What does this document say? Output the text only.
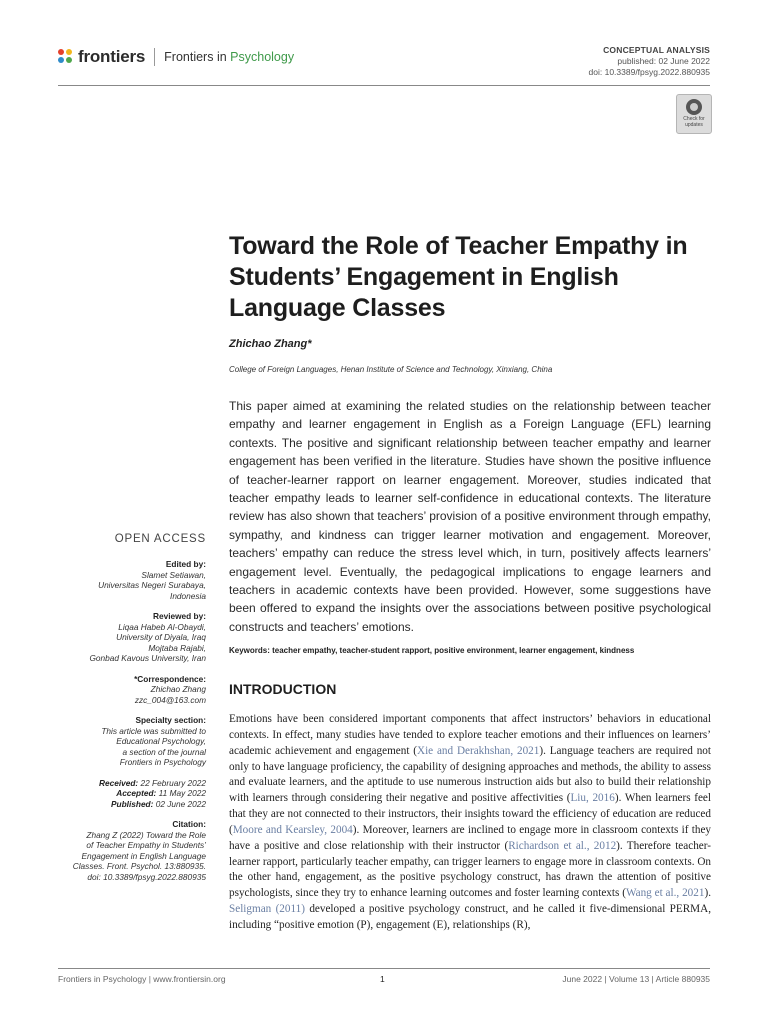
frontiers Frontiers in Psychology	CONCEPTUAL ANALYSIS
published: 02 June 2022
doi: 10.3389/fpsyg.2022.880935
Check for
updates
Toward the Role of Teacher Empathy in Students’ Engagement in English Language Classes
Zhichao Zhang*
College of Foreign Languages, Henan Institute of Science and Technology, Xinxiang, China

This paper aimed at examining the related studies on the relationship between teacher empathy and learner engagement in English as a Foreign Language (EFL) learning contexts. The positive and significant relationship between teacher empathy and learner engagement has been verified in the literature. Studies have shown the positive influence of teacher-learner rapport on learner engagement. Moreover, studies indicated that teacher empathy leads to learner self-confidence in educational contexts. The literature review has also shown that teachers’ provision of a positive environment through empathy, sympathy, and kindness can trigger learner motivation and engagement. Moreover, teachers’ empathy can reduce the stress level which, in turn, positively affects learners’ engagement level. Eventually, the pedagogical implications to engage learners and teachers in academic contexts have been provided. However, some suggestions have been offered to expand the insights over the associations between positive psychological constructs and teachers’ emotions.

Keywords: teacher empathy, teacher-student rapport, positive environment, learner engagement, kindness
INTRODUCTION

Emotions have been considered important components that affect instructors’ behaviors in educational contexts. In effect, many studies have tended to explore teacher emotions and their influences on learners’ academic achievement and engagement (Xie and Derakhshan, 2021). Language teachers are required not only to have language proficiency, the capability of designing approaches and methods, the ability to assess and evaluate learners, and the aptitude to use numerous instruction aids but also to build their relationship with learners through considering their negative and positive affectivities (Liu, 2016). When learners feel that they are not connected to their instructors, their insights toward the efficiency of education are reduced (Moore and Kearsley, 2004). Moreover, learners are inclined to engage more in classroom contexts if they have a positive and close relationship with their instructor (Richardson et al., 2012). Therefore teacher-learner rapport, particularly teacher empathy, can trigger learners to engage more in classroom contexts. On the other hand, engagement, as the positive psychology construct, has drawn the attention of positive psychologists, since they try to enhance learning outcomes and foster learning contexts (Wang et al., 2021). Seligman (2011) developed a positive psychology construct, and he called it five-dimensional PERMA, including “positive emotion (P), engagement (E), relationships (R),

OPEN ACCESS
Edited by:
Slamet Setiawan,
Universitas Negeri Surabaya,
Indonesia
Reviewed by:
Liqaa Habeb Al-Obaydi,
University of Diyala, Iraq
Mojtaba Rajabi,
Gonbad Kavous University, Iran
*Correspondence:
Zhichao Zhang
zzc_004@163.com
Specialty section:
This article was submitted to
Educational Psychology,
a section of the journal
Frontiers in Psychology
Received: 22 February 2022
Accepted: 11 May 2022
Published: 02 June 2022
Citation:
Zhang Z (2022) Toward the Role
of Teacher Empathy in Students’
Engagement in English Language
Classes. Front. Psychol. 13:880935.
doi: 10.3389/fpsyg.2022.880935
Frontiers in Psychology | www.frontiersin.org	1	June 2022 | Volume 13 | Article 880935
